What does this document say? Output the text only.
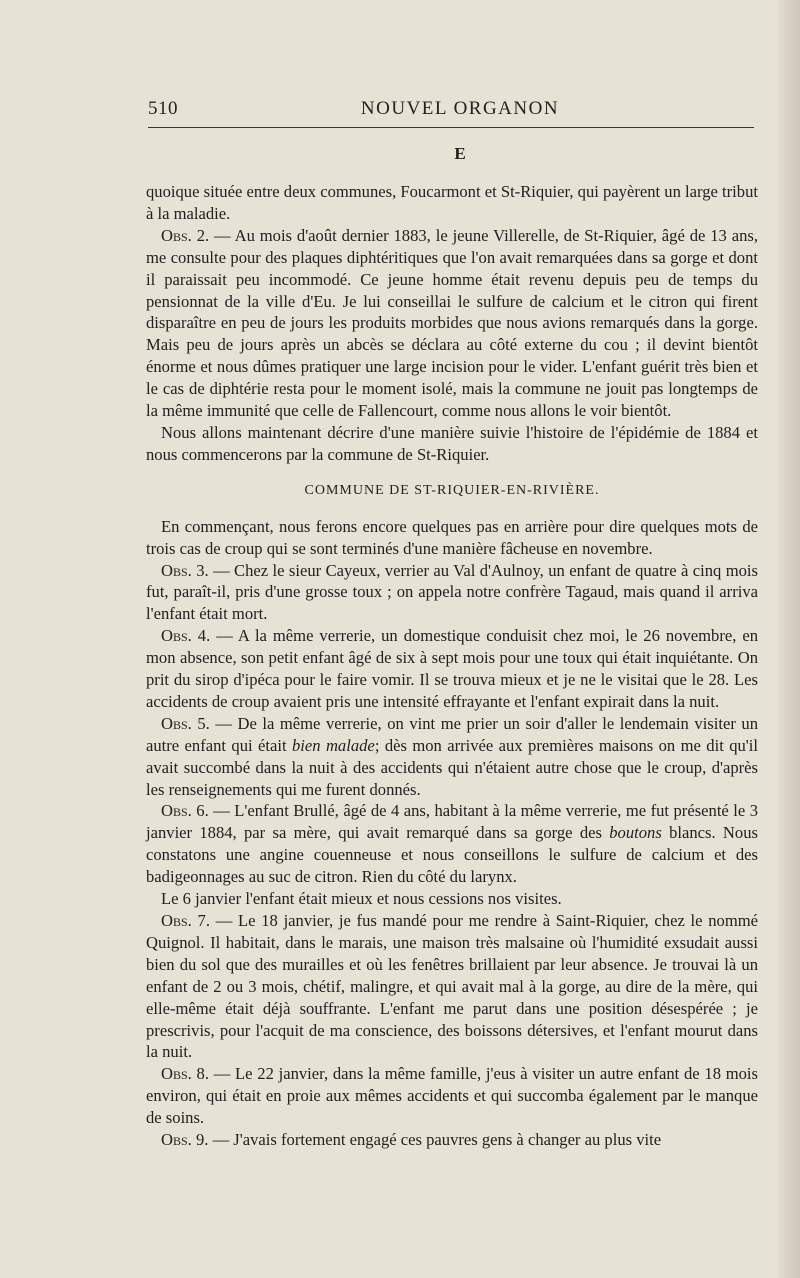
510	NOUVEL ORGANON
E

quoique située entre deux communes, Foucarmont et St-Riquier, qui payèrent un large tribut à la maladie.

Obs. 2. — Au mois d'août dernier 1883, le jeune Villerelle, de St-Riquier, âgé de 13 ans, me consulte pour des plaques diphtéritiques que l'on avait remarquées dans sa gorge et dont il paraissait peu incommodé. Ce jeune homme était revenu depuis peu de temps du pensionnat de la ville d'Eu. Je lui conseillai le sulfure de calcium et le citron qui firent disparaître en peu de jours les produits morbides que nous avions remarqués dans la gorge. Mais peu de jours après un abcès se déclara au côté externe du cou ; il devint bientôt énorme et nous dûmes pratiquer une large incision pour le vider. L'enfant guérit très bien et le cas de diphtérie resta pour le moment isolé, mais la commune ne jouit pas longtemps de la même immunité que celle de Fallencourt, comme nous allons le voir bientôt.

Nous allons maintenant décrire d'une manière suivie l'histoire de l'épidémie de 1884 et nous commencerons par la commune de St-Riquier.

COMMUNE DE ST-RIQUIER-EN-RIVIÈRE.

En commençant, nous ferons encore quelques pas en arrière pour dire quelques mots de trois cas de croup qui se sont terminés d'une manière fâcheuse en novembre.

Obs. 3. — Chez le sieur Cayeux, verrier au Val d'Aulnoy, un enfant de quatre à cinq mois fut, paraît-il, pris d'une grosse toux ; on appela notre confrère Tagaud, mais quand il arriva l'enfant était mort.

Obs. 4. — A la même verrerie, un domestique conduisit chez moi, le 26 novembre, en mon absence, son petit enfant âgé de six à sept mois pour une toux qui était inquiétante. On prit du sirop d'ipéca pour le faire vomir. Il se trouva mieux et je ne le visitai que le 28. Les accidents de croup avaient pris une intensité effrayante et l'enfant expirait dans la nuit.

Obs. 5. — De la même verrerie, on vint me prier un soir d'aller le lendemain visiter un autre enfant qui était bien malade; dès mon arrivée aux premières maisons on me dit qu'il avait succombé dans la nuit à des accidents qui n'étaient autre chose que le croup, d'après les renseignements qui me furent donnés.

Obs. 6. — L'enfant Brullé, âgé de 4 ans, habitant à la même verrerie, me fut présenté le 3 janvier 1884, par sa mère, qui avait remarqué dans sa gorge des boutons blancs. Nous constatons une angine couenneuse et nous conseillons le sulfure de calcium et des badigeonnages au suc de citron. Rien du côté du larynx.

Le 6 janvier l'enfant était mieux et nous cessions nos visites.

Obs. 7. — Le 18 janvier, je fus mandé pour me rendre à Saint-Riquier, chez le nommé Quignol. Il habitait, dans le marais, une maison très malsaine où l'humidité exsudait aussi bien du sol que des murailles et où les fenêtres brillaient par leur absence. Je trouvai là un enfant de 2 ou 3 mois, chétif, malingre, et qui avait mal à la gorge, au dire de la mère, qui elle-même était déjà souffrante. L'enfant me parut dans une position désespérée ; je prescrivis, pour l'acquit de ma conscience, des boissons détersives, et l'enfant mourut dans la nuit.

Obs. 8. — Le 22 janvier, dans la même famille, j'eus à visiter un autre enfant de 18 mois environ, qui était en proie aux mêmes accidents et qui succomba également par le manque de soins.

Obs. 9. — J'avais fortement engagé ces pauvres gens à changer au plus vite
